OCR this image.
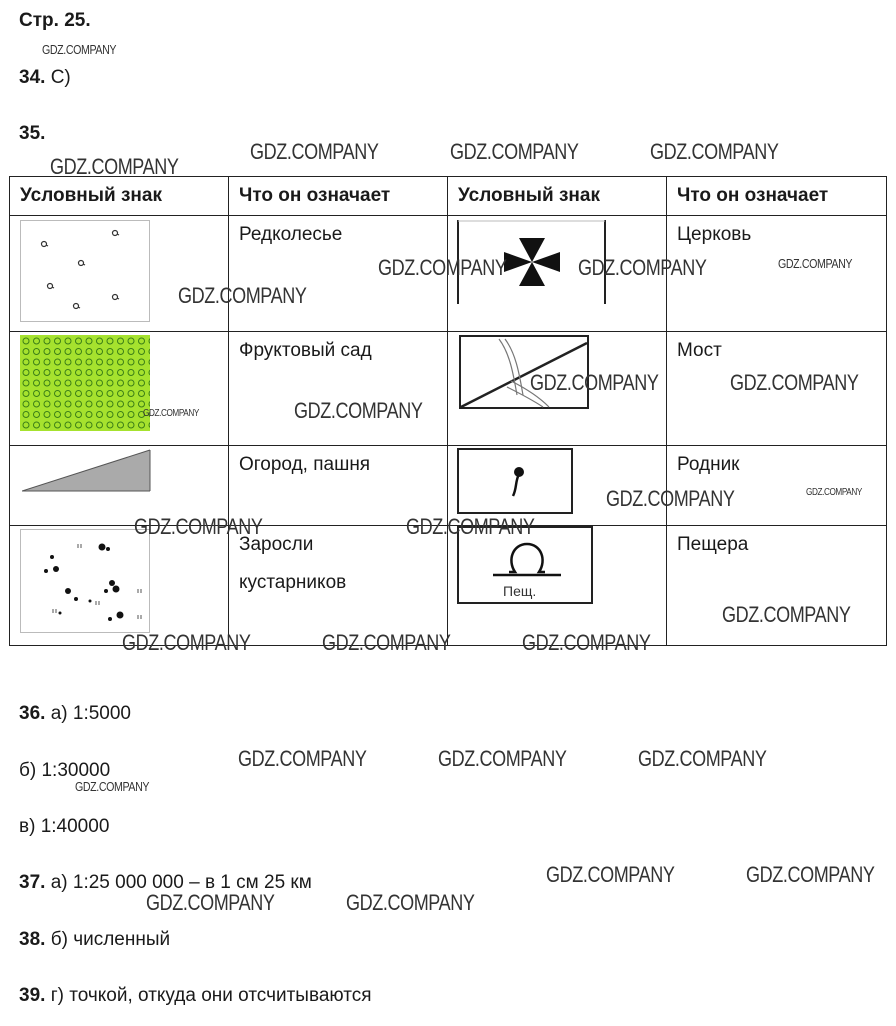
Стр. 25.
34. С)
35.
Условный знак	Что он означает	Условный знак	Что он означает

Редколесье		Церковь

Фруктовый сад		Мост

Огород, пашня		Родник

Заросли
кустарников	Пещ.	Пещера
36. а) 1:5000
б) 1:30000
в) 1:40000
37. а) 1:25 000 000 – в 1 см 25 км
38. б) численный
39. г) точкой, откуда они отсчитываются
GDZ.COMPANY
GDZ.COMPANY
GDZ.COMPANY	GDZ.COMPANY	GDZ.COMPANY
GDZ.COMPANY	GDZ.COMPANY	GDZ.COMPANY
GDZ.COMPANY
GDZ.COMPANY	GDZ.COMPANY
GDZ.COMPANY
GDZ.COMPANY
GDZ.COMPANY	GDZ.COMPANY
GDZ.COMPANY	GDZ.COMPANY
GDZ.COMPANY
GDZ.COMPANY	GDZ.COMPANY	GDZ.COMPANY
GDZ.COMPANY	GDZ.COMPANY	GDZ.COMPANY
GDZ.COMPANY
GDZ.COMPANY	GDZ.COMPANY
GDZ.COMPANY	GDZ.COMPANY
